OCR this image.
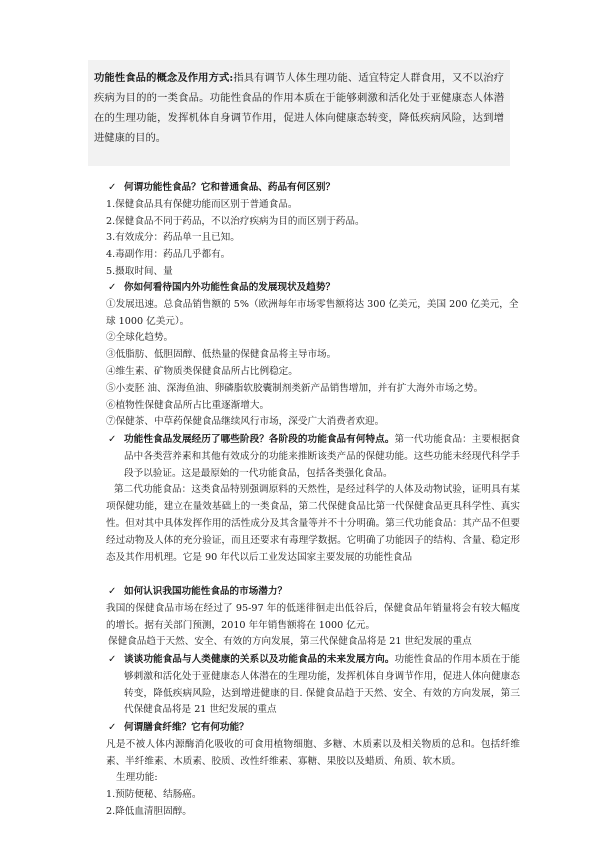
功能性食品的概念及作用方式:指具有调节人体生理功能、适宜特定人群食用，又不以治疗疾病为目的的一类食品。功能性食品的作用本质在于能够刺激和活化处于亚健康态人体潜在的生理功能，发挥机体自身调节作用，促进人体向健康态转变，降低疾病风险，达到增进健康的目的。
✓ 何谓功能性食品？它和普通食品、药品有何区别？
1.保健食品具有保健功能而区别于普通食品。
2.保健食品不同于药品，不以治疗疾病为目的而区别于药品。
3.有效成分：药品单一且已知。
4.毒副作用：药品几乎都有。
5.摄取时间、量
✓ 你如何看待国内外功能性食品的发展现状及趋势？
①发展迅速。总食品销售额的 5%（欧洲每年市场零售额将达 300 亿美元，美国 200 亿美元，全球 1000 亿美元）。
②全球化趋势。
③低脂肪、低胆固醇、低热量的保健食品将主导市场。
④维生素、矿物质类保健食品所占比例稳定。
⑤小麦胚 油、深海鱼油、卵磷脂软胶囊制剂类新产品销售增加，并有扩大海外市场之势。
⑥植物性保健食品所占比重逐渐增大。
⑦保健茶、中草药保健食品继续风行市场，深受广大消费者欢迎。
✓ 功能性食品发展经历了哪些阶段？各阶段的功能食品有何特点。第一代功能食品：主要根据食品中各类营养素和其他有效成分的功能来推断该类产品的保健功能。这些功能未经现代科学手段予以验证。这是最原始的一代功能食品，包括各类强化食品。
第二代功能食品：这类食品特别强调原料的天然性，是经过科学的人体及动物试验，证明具有某项保健功能，建立在量效基础上的一类食品，第二代保健食品比第一代保健食品更具科学性、真实性。但对其中具体发挥作用的活性成分及其含量等并不十分明确。第三代功能食品：其产品不但要经过动物及人体的充分验证，而且还要求有毒理学数据。它明确了功能因子的结构、含量、稳定形态及其作用机理。它是 90 年代以后工业发达国家主要发展的功能性食品
✓ 如何认识我国功能性食品的市场潜力？
我国的保健食品市场在经过了 95-97 年的低迷徘徊走出低谷后，保健食品年销量将会有较大幅度的增长。据有关部门预测，2010 年年销售额将在 1000 亿元。
保健食品趋于天然、安全、有效的方向发展，第三代保健食品将是 21 世纪发展的重点
✓ 谈谈功能食品与人类健康的关系以及功能食品的未来发展方向。功能性食品的作用本质在于能够刺激和活化处于亚健康态人体潜在的生理功能，发挥机体自身调节作用，促进人体向健康态转变，降低疾病风险，达到增进健康的目. 保健食品趋于天然、安全、有效的方向发展，第三代保健食品将是 21 世纪发展的重点
✓ 何谓膳食纤维？它有何功能？
凡是不被人体内源酶消化吸收的可食用植物细胞、多糖、木质素以及相关物质的总和。包括纤维素、半纤维素、木质素、胶质、改性纤维素、寡糖、果胶以及蜡质、角质、软木质。
生理功能:
1.预防便秘、结肠癌。
2.降低血清胆固醇。
